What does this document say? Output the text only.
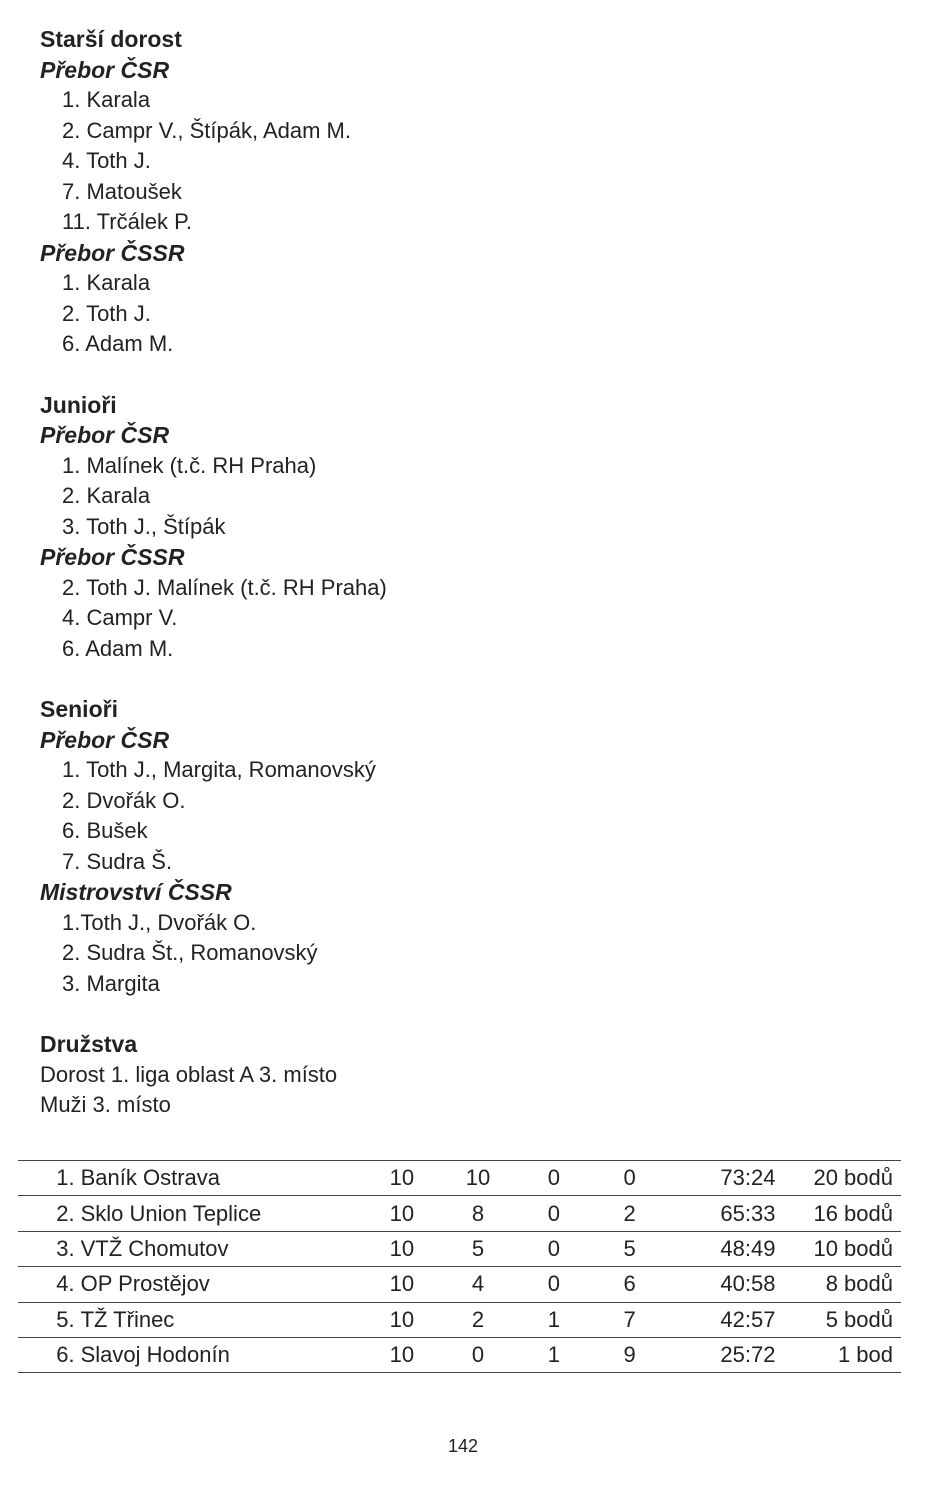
Starší dorost
Přebor ČSR
1. Karala
2. Campr V., Štípák, Adam M.
4. Toth J.
7. Matoušek
11. Trčálek P.
Přebor ČSSR
1. Karala
2. Toth J.
6. Adam M.
Junioři
Přebor ČSR
1. Malínek (t.č. RH Praha)
2. Karala
3. Toth J., Štípák
Přebor ČSSR
2. Toth J. Malínek (t.č. RH Praha)
4. Campr V.
6. Adam M.
Senioři
Přebor ČSR
1. Toth J., Margita, Romanovský
2. Dvořák O.
6. Bušek
7. Sudra Š.
Mistrovství ČSSR
1.Toth J., Dvořák O.
2. Sudra Št., Romanovský
3. Margita
Družstva
Dorost 1. liga oblast A 3. místo
Muži 3. místo
1.	Baník Ostrava	10	10	0	0	73:24	20 bodů
2.	Sklo Union Teplice	10	8	0	2	65:33	16 bodů
3.	VTŽ Chomutov	10	5	0	5	48:49	10 bodů
4.	OP Prostějov	10	4	0	6	40:58	8 bodů
5.	TŽ Třinec	10	2	1	7	42:57	5 bodů
6.	Slavoj Hodonín	10	0	1	9	25:72	1 bod
142
